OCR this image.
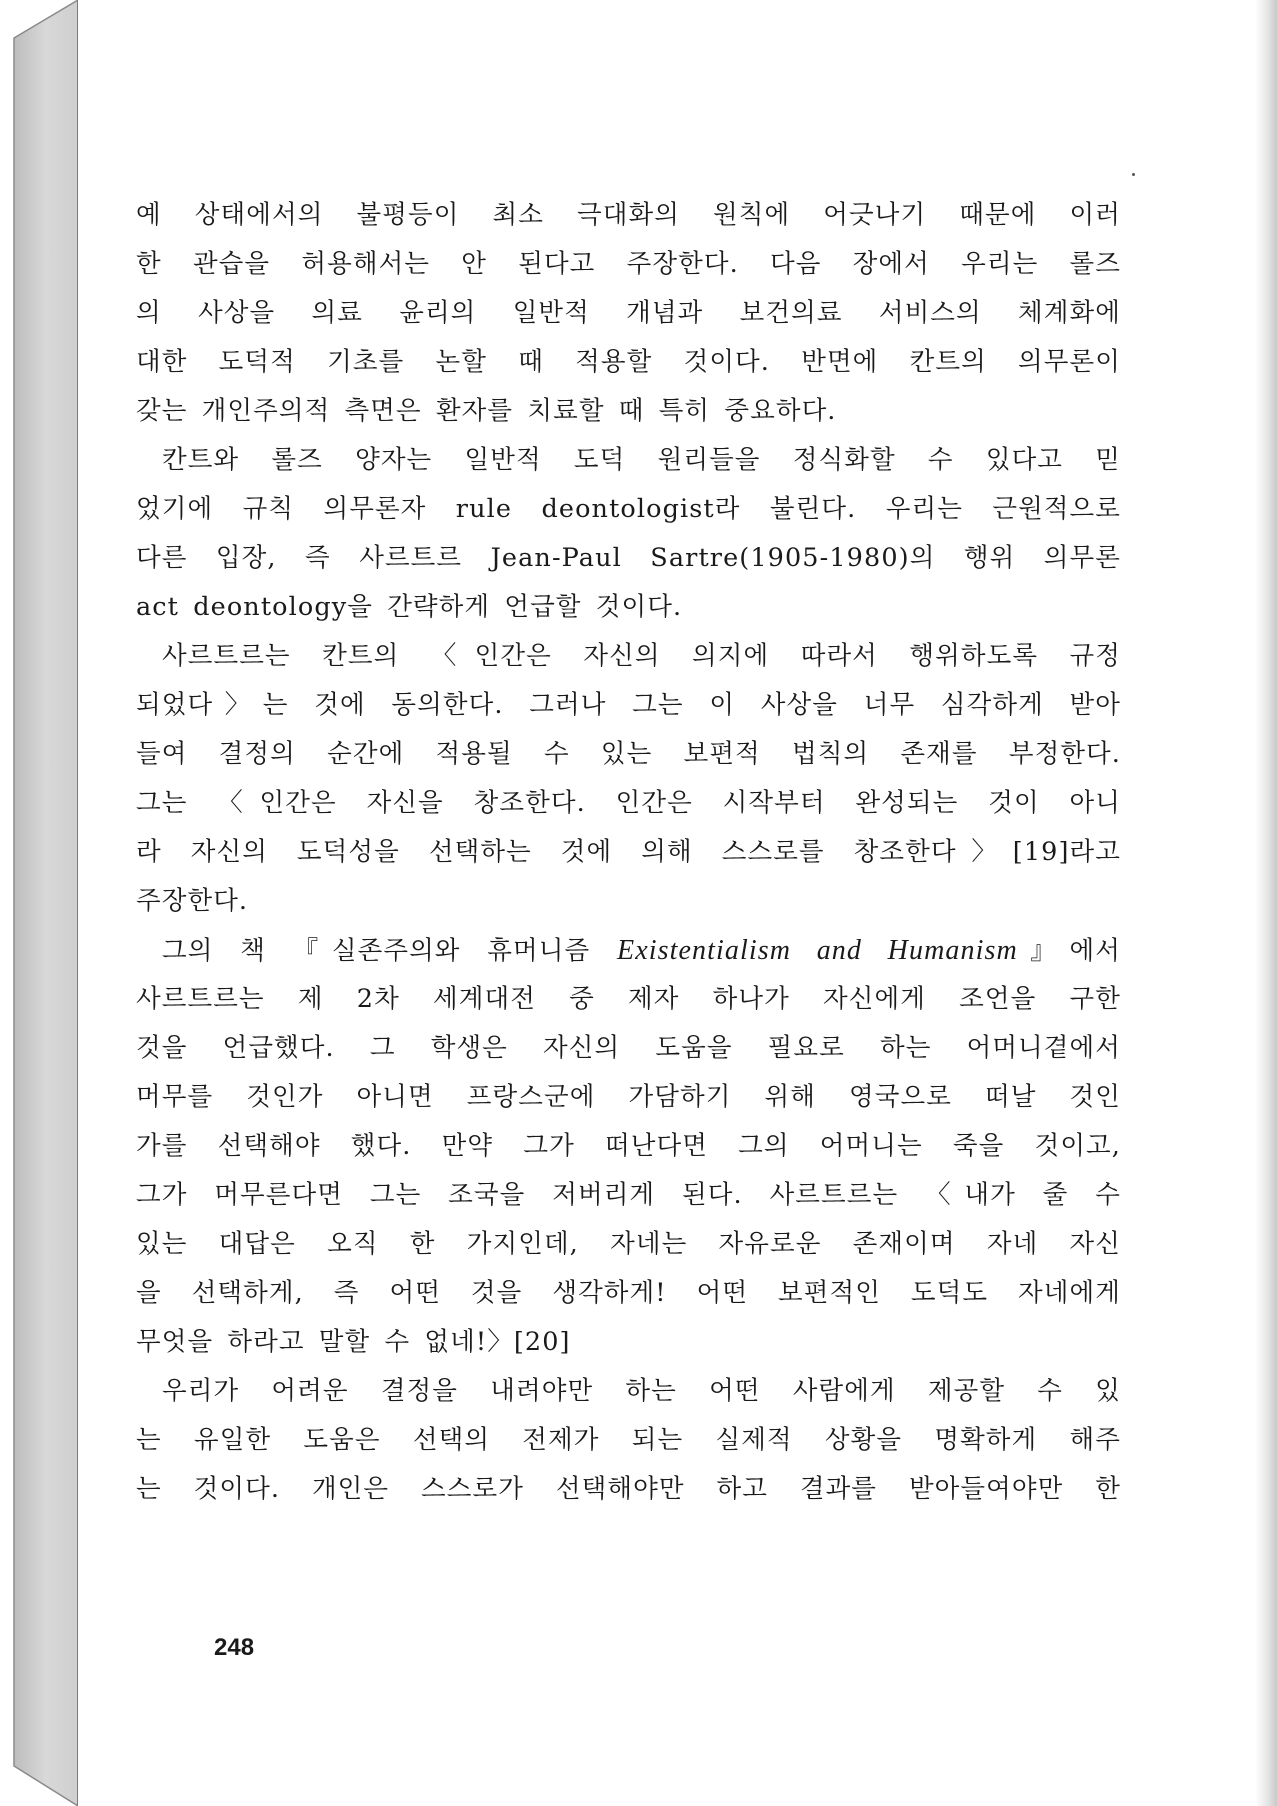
예 상태에서의 불평등이 최소 극대화의 원칙에 어긋나기 때문에 이러
한 관습을 허용해서는 안 된다고 주장한다. 다음 장에서 우리는 롤즈
의 사상을 의료 윤리의 일반적 개념과 보건의료 서비스의 체계화에
대한 도덕적 기초를 논할 때 적용할 것이다. 반면에 칸트의 의무론이
갖는 개인주의적 측면은 환자를 치료할 때 특히 중요하다.
칸트와 롤즈 양자는 일반적 도덕 원리들을 정식화할 수 있다고 믿
었기에 규칙 의무론자 rule deontologist라 불린다. 우리는 근원적으로
다른 입장, 즉 사르트르 Jean-Paul Sartre(1905-1980)의 행위 의무론
act deontology을 간략하게 언급할 것이다.
사르트르는 칸트의 〈인간은 자신의 의지에 따라서 행위하도록 규정
되었다〉는 것에 동의한다. 그러나 그는 이 사상을 너무 심각하게 받아
들여 결정의 순간에 적용될 수 있는 보편적 법칙의 존재를 부정한다.
그는 〈인간은 자신을 창조한다. 인간은 시작부터 완성되는 것이 아니
라 자신의 도덕성을 선택하는 것에 의해 스스로를 창조한다〉[19]라고
주장한다.
그의 책 『실존주의와 휴머니즘 Existentialism and Humanism』에서
사르트르는 제 2차 세계대전 중 제자 하나가 자신에게 조언을 구한
것을 언급했다. 그 학생은 자신의 도움을 필요로 하는 어머니곁에서
머무를 것인가 아니면 프랑스군에 가담하기 위해 영국으로 떠날 것인
가를 선택해야 했다. 만약 그가 떠난다면 그의 어머니는 죽을 것이고,
그가 머무른다면 그는 조국을 저버리게 된다. 사르트르는 〈내가 줄 수
있는 대답은 오직 한 가지인데, 자네는 자유로운 존재이며 자네 자신
을 선택하게, 즉 어떤 것을 생각하게! 어떤 보편적인 도덕도 자네에게
무엇을 하라고 말할 수 없네!〉[20]
우리가 어려운 결정을 내려야만 하는 어떤 사람에게 제공할 수 있
는 유일한 도움은 선택의 전제가 되는 실제적 상황을 명확하게 해주
는 것이다. 개인은 스스로가 선택해야만 하고 결과를 받아들여야만 한
248
